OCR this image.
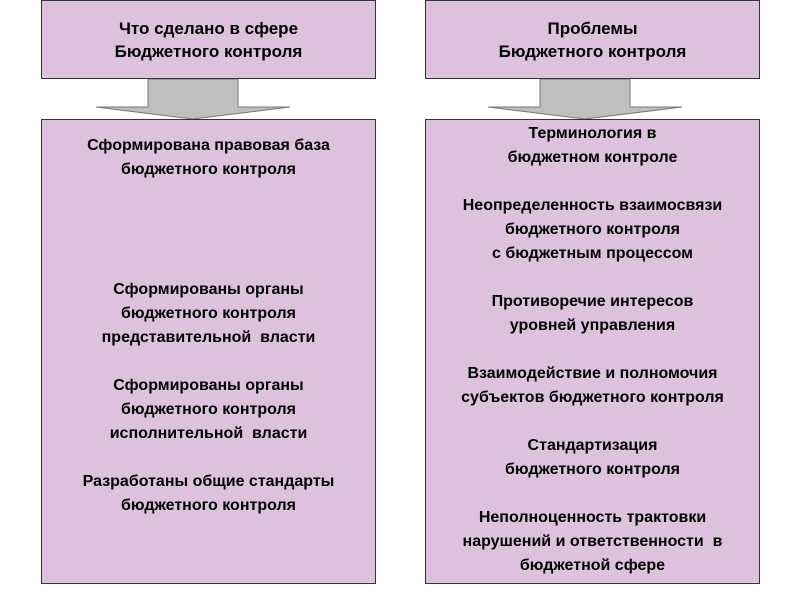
Что сделано в сфере
Бюджетного контроля
Проблемы
Бюджетного контроля
Сформирована правовая база
бюджетного контроля
Сформированы органы
бюджетного контроля
представительной  власти
Сформированы органы
бюджетного контроля
исполнительной  власти
Разработаны общие стандарты
бюджетного контроля
Терминология в
бюджетном контроле
Неопределенность взаимосвязи
бюджетного контроля
с бюджетным процессом
Противоречие интересов
уровней управления
Взаимодействие и полномочия
субъектов бюджетного контроля
Стандартизация
бюджетного контроля
Неполноценность трактовки
нарушений и ответственности  в
бюджетной сфере
